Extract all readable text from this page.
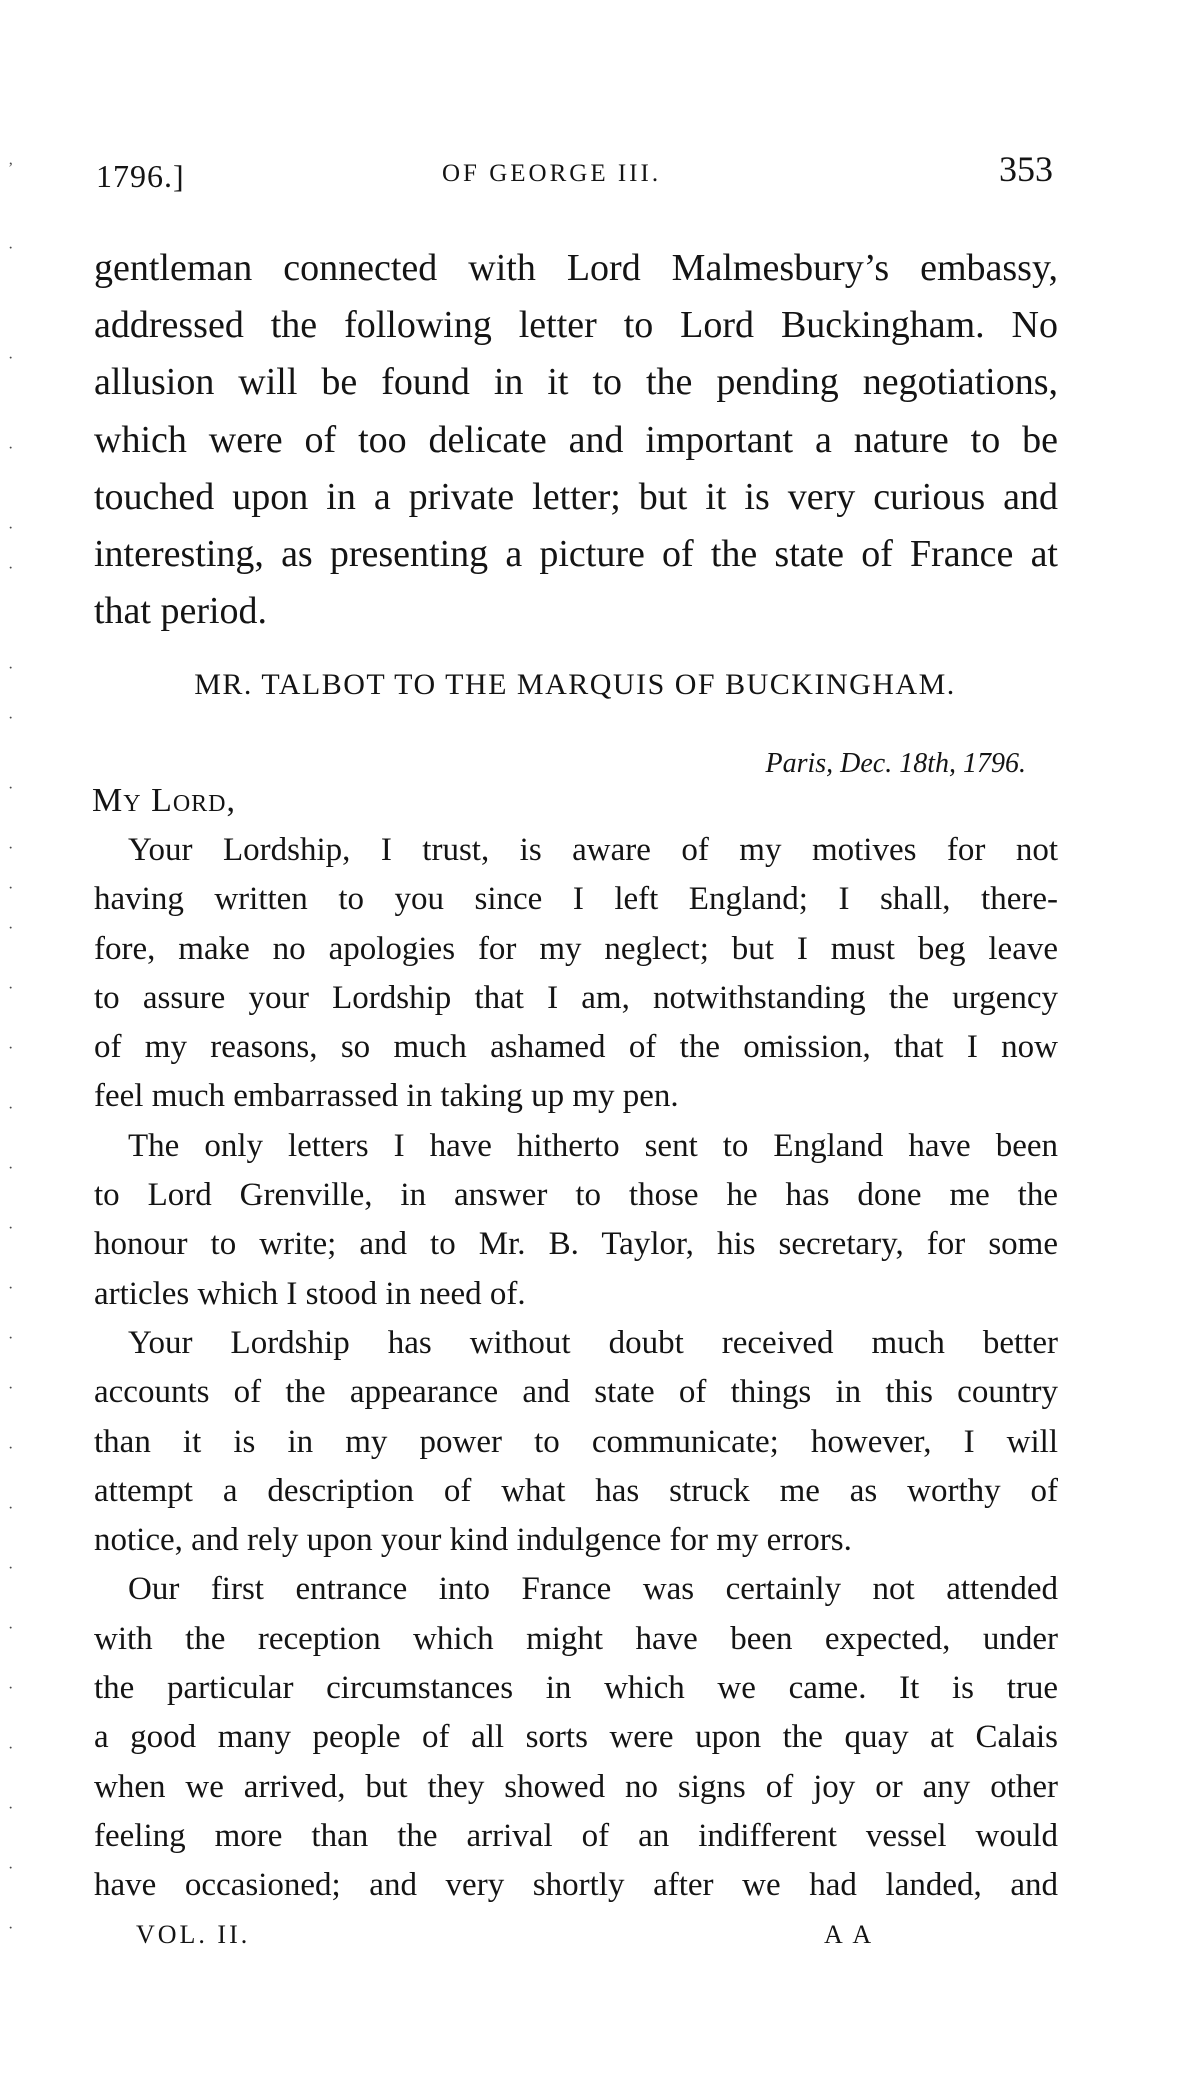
’
·
·
·
·
·
·
·
·
·
·
·
·
·
·
·
·
·
·
·
·
·
·
·
·
·
·
·
·
1796.]	OF GEORGE III.	353
gentleman connected with Lord Malmesbury’s embassy,
addressed the following letter to Lord Buckingham. No
allusion will be found in it to the pending negotiations,
which were of too delicate and important a nature to be
touched upon in a private letter; but it is very curious and
interesting, as presenting a picture of the state of France at
that period.
MR. TALBOT TO THE MARQUIS OF BUCKINGHAM.
Paris, Dec. 18th, 1796.
My Lord,

Your Lordship, I trust, is aware of my motives for not
having written to you since I left England; I shall, there-
fore, make no apologies for my neglect; but I must beg leave
to assure your Lordship that I am, notwithstanding the urgency
of my reasons, so much ashamed of the omission, that I now
feel much embarrassed in taking up my pen.

The only letters I have hitherto sent to England have been
to Lord Grenville, in answer to those he has done me the
honour to write; and to Mr. B. Taylor, his secretary, for some
articles which I stood in need of.

Your Lordship has without doubt received much better
accounts of the appearance and state of things in this country
than it is in my power to communicate; however, I will
attempt a description of what has struck me as worthy of
notice, and rely upon your kind indulgence for my errors.

Our first entrance into France was certainly not attended
with the reception which might have been expected, under
the particular circumstances in which we came. It is true
a good many people of all sorts were upon the quay at Calais
when we arrived, but they showed no signs of joy or any other
feeling more than the arrival of an indifferent vessel would
have occasioned; and very shortly after we had landed, and

VOL. II.	A A
